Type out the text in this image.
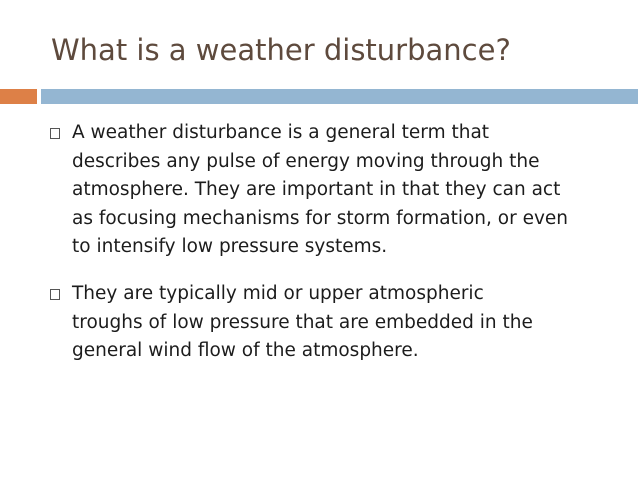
What is a weather disturbance?

A weather disturbance is a general term that
describes any pulse of energy moving through the
atmosphere. They are important in that they can act
as focusing mechanisms for storm formation, or even
to intensify low pressure systems.

They are typically mid or upper atmospheric
troughs of low pressure that are embedded in the
general wind flow of the atmosphere.
